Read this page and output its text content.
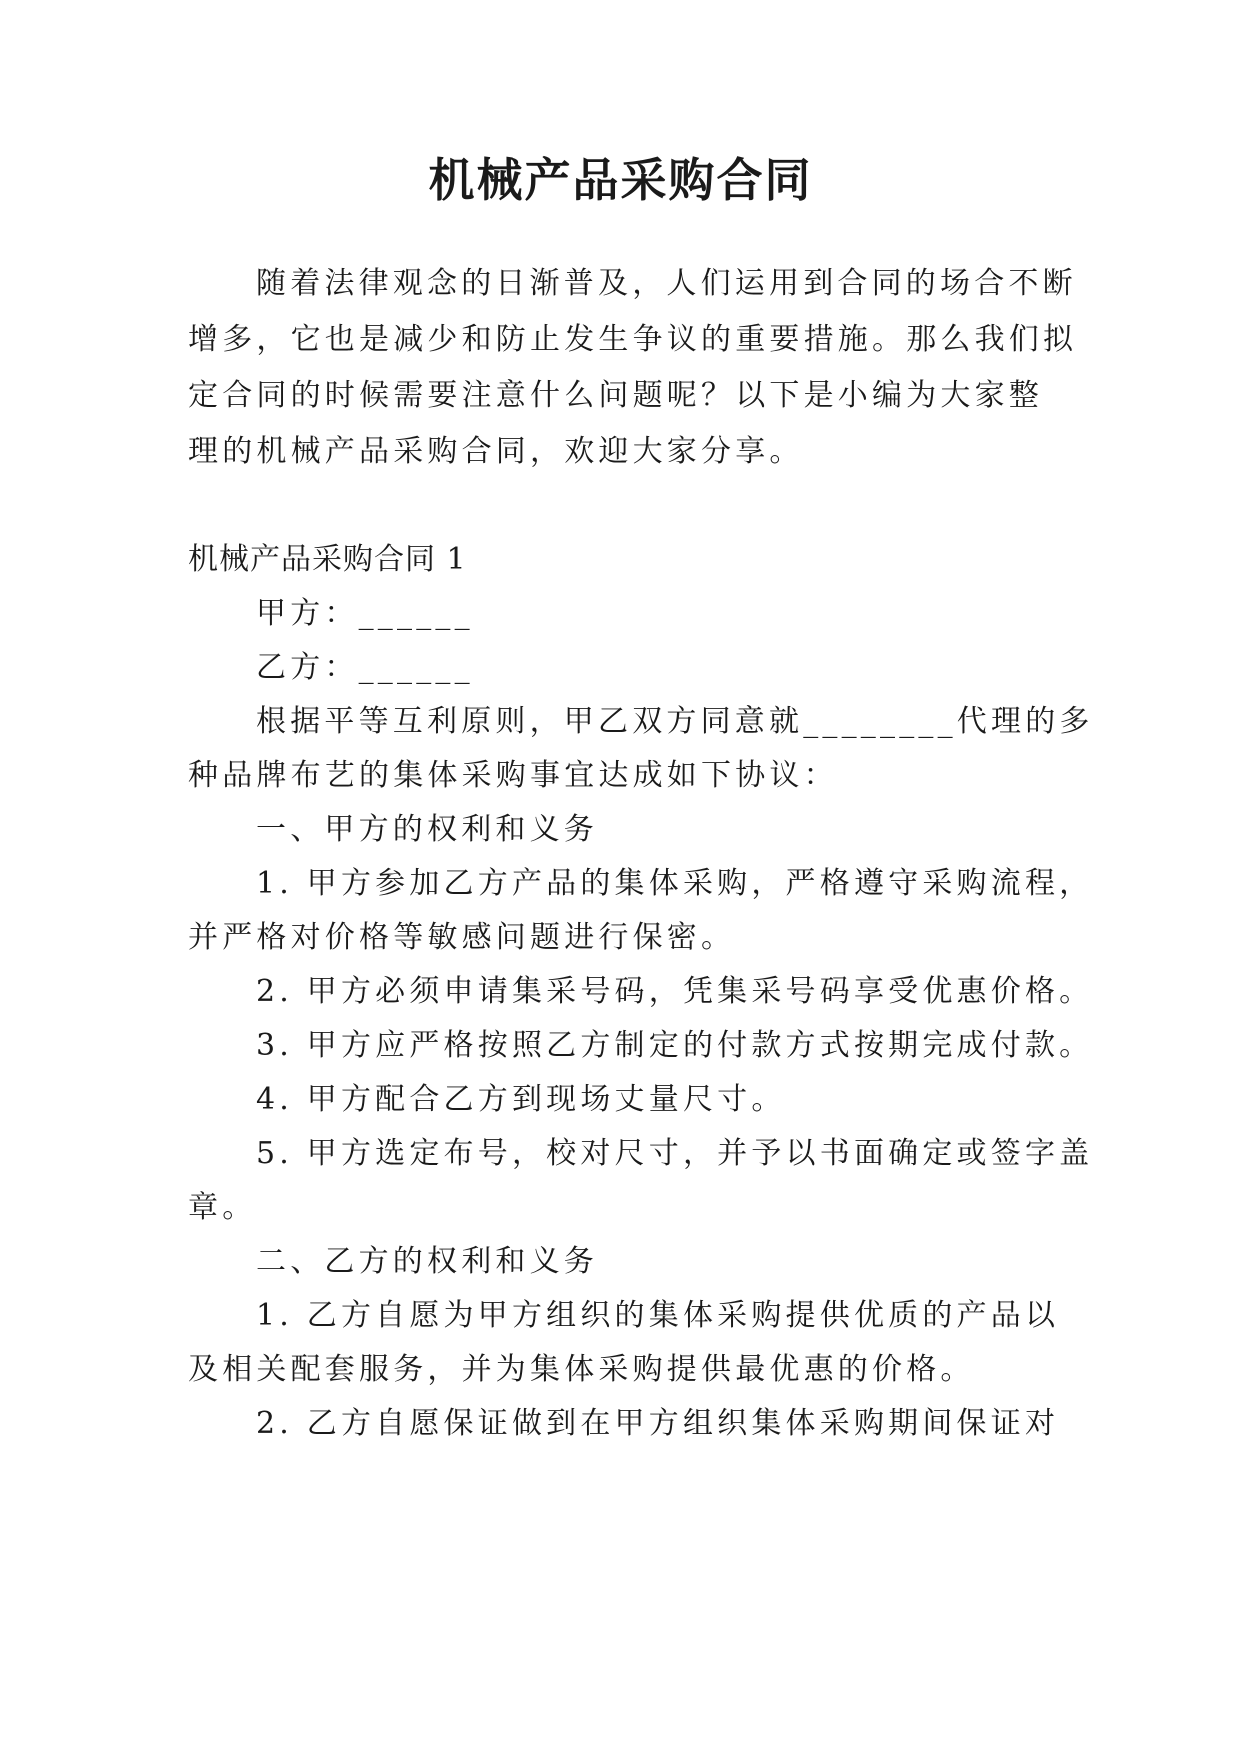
机械产品采购合同
随着法律观念的日渐普及，人们运用到合同的场合不断
增多，它也是减少和防止发生争议的重要措施。那么我们拟
定合同的时候需要注意什么问题呢？以下是小编为大家整
理的机械产品采购合同，欢迎大家分享。
机械产品采购合同 1
甲方：______
乙方：______
根据平等互利原则，甲乙双方同意就________代理的多
种品牌布艺的集体采购事宜达成如下协议：
一、甲方的权利和义务
1. 甲方参加乙方产品的集体采购，严格遵守采购流程，
并严格对价格等敏感问题进行保密。
2. 甲方必须申请集采号码，凭集采号码享受优惠价格。
3. 甲方应严格按照乙方制定的付款方式按期完成付款。
4. 甲方配合乙方到现场丈量尺寸。
5. 甲方选定布号，校对尺寸，并予以书面确定或签字盖
章。
二、乙方的权利和义务
1. 乙方自愿为甲方组织的集体采购提供优质的产品以
及相关配套服务，并为集体采购提供最优惠的价格。
2. 乙方自愿保证做到在甲方组织集体采购期间保证对
